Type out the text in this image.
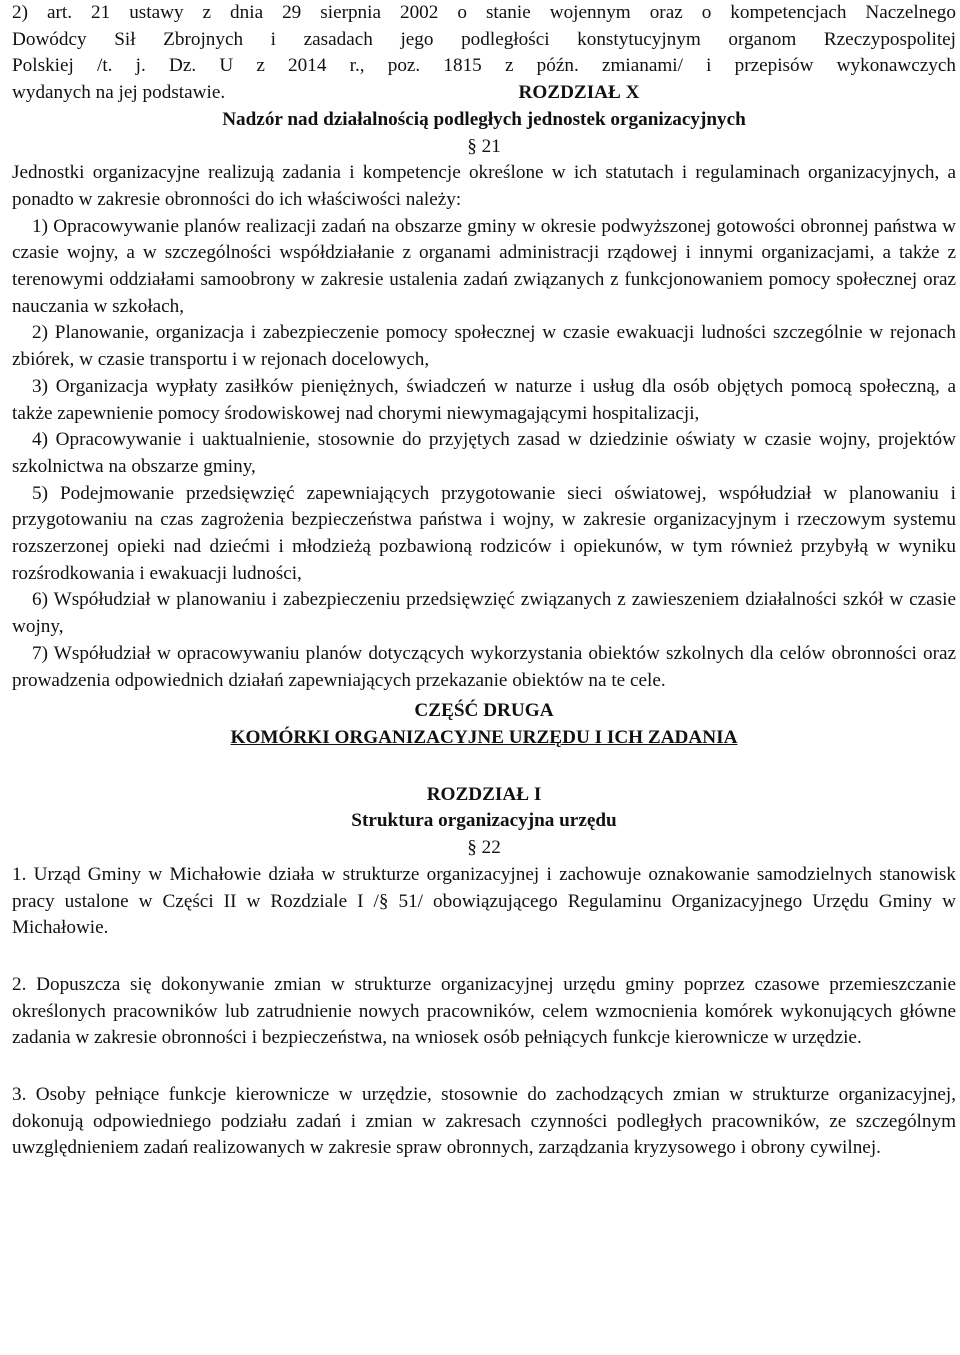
2) art. 21 ustawy z dnia 29 sierpnia 2002 o stanie wojennym oraz o kompetencjach Naczelnego

Dowódcy Sił Zbrojnych i zasadach jego podległości konstytucyjnym organom Rzeczypospolitej

Polskiej /t. j. Dz. U z 2014 r., poz. 1815 z późn. zmianami/ i przepisów wykonawczych

wydanych na jej podstawie.	ROZDZIAŁ X

Nadzór nad działalnością podległych jednostek organizacyjnych

§ 21

Jednostki organizacyjne realizują zadania i kompetencje określone w ich statutach i regulaminach organizacyjnych, a ponadto w zakresie obronności do ich właściwości należy:

1) Opracowywanie planów realizacji zadań na obszarze gminy w okresie podwyższonej gotowości obronnej państwa w czasie wojny, a w szczególności współdziałanie z organami administracji rządowej i innymi organizacjami, a także z terenowymi oddziałami samoobrony w zakresie ustalenia zadań związanych z funkcjonowaniem pomocy społecznej oraz nauczania w szkołach,

2) Planowanie, organizacja i zabezpieczenie pomocy społecznej w czasie ewakuacji ludności szczególnie w rejonach zbiórek, w czasie transportu i w rejonach docelowych,

3) Organizacja wypłaty zasiłków pieniężnych, świadczeń w naturze i usług dla osób objętych pomocą społeczną, a także zapewnienie pomocy środowiskowej nad chorymi niewymagającymi hospitalizacji,

4) Opracowywanie i uaktualnienie, stosownie do przyjętych zasad w dziedzinie oświaty w czasie wojny, projektów szkolnictwa na obszarze gminy,

5) Podejmowanie przedsięwzięć zapewniających przygotowanie sieci oświatowej, współudział w planowaniu i przygotowaniu na czas zagrożenia bezpieczeństwa państwa i wojny, w zakresie organizacyjnym i rzeczowym systemu rozszerzonej opieki nad dziećmi i młodzieżą pozbawioną rodziców i opiekunów, w tym również przybyłą w wyniku rozśrodkowania i ewakuacji ludności,

6) Współudział w planowaniu i zabezpieczeniu przedsięwzięć związanych z zawieszeniem działalności szkół w czasie wojny,

7) Współudział w opracowywaniu planów dotyczących wykorzystania obiektów szkolnych dla celów obronności oraz prowadzenia odpowiednich działań zapewniających przekazanie obiektów na te cele.

CZĘŚĆ DRUGA

KOMÓRKI ORGANIZACYJNE URZĘDU I ICH ZADANIA

ROZDZIAŁ I

Struktura organizacyjna urzędu

§ 22

1. Urząd Gminy w Michałowie działa w strukturze organizacyjnej i zachowuje oznakowanie samodzielnych stanowisk pracy ustalone w Części II w Rozdziale I /§ 51/ obowiązującego Regulaminu Organizacyjnego Urzędu Gminy w Michałowie.

2. Dopuszcza się dokonywanie zmian w strukturze organizacyjnej urzędu gminy poprzez czasowe przemieszczanie określonych pracowników lub zatrudnienie nowych pracowników, celem wzmocnienia komórek wykonujących główne zadania w zakresie obronności i bezpieczeństwa, na wniosek osób pełniących funkcje kierownicze w urzędzie.

3. Osoby pełniące funkcje kierownicze w urzędzie, stosownie do zachodzących zmian w strukturze organizacyjnej, dokonują odpowiedniego podziału zadań i zmian w zakresach czynności podległych pracowników, ze szczególnym uwzględnieniem zadań realizowanych w zakresie spraw obronnych, zarządzania kryzysowego i obrony cywilnej.
